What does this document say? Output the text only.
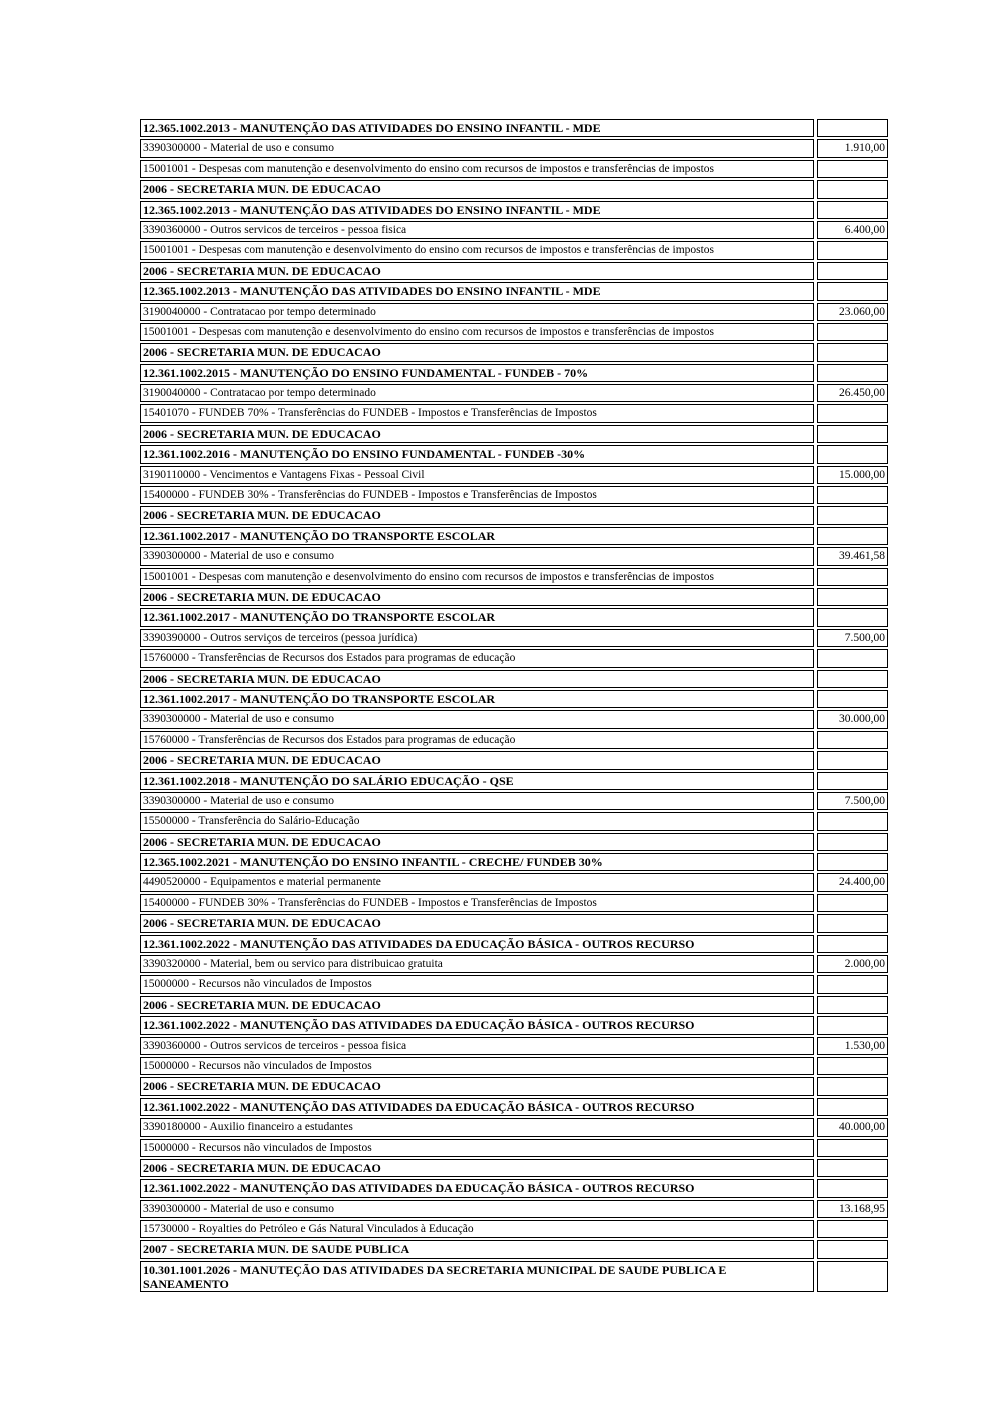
12.365.1002.2013 - MANUTENÇÃO DAS ATIVIDADES DO ENSINO INFANTIL - MDE
3390300000 - Material de uso e consumo	1.910,00
15001001 - Despesas com manutenção e desenvolvimento do ensino com recursos de impostos e transferências de impostos
2006 - SECRETARIA MUN. DE EDUCACAO
12.365.1002.2013 - MANUTENÇÃO DAS ATIVIDADES DO ENSINO INFANTIL - MDE
3390360000 - Outros servicos de terceiros - pessoa fisica	6.400,00
15001001 - Despesas com manutenção e desenvolvimento do ensino com recursos de impostos e transferências de impostos
2006 - SECRETARIA MUN. DE EDUCACAO
12.365.1002.2013 - MANUTENÇÃO DAS ATIVIDADES DO ENSINO INFANTIL - MDE
3190040000 - Contratacao por tempo determinado	23.060,00
15001001 - Despesas com manutenção e desenvolvimento do ensino com recursos de impostos e transferências de impostos
2006 - SECRETARIA MUN. DE EDUCACAO
12.361.1002.2015 - MANUTENÇÃO DO ENSINO FUNDAMENTAL - FUNDEB - 70%
3190040000 - Contratacao por tempo determinado	26.450,00
15401070 - FUNDEB 70% - Transferências do FUNDEB - Impostos e Transferências de Impostos
2006 - SECRETARIA MUN. DE EDUCACAO
12.361.1002.2016 - MANUTENÇÃO DO ENSINO FUNDAMENTAL - FUNDEB -30%
3190110000 - Vencimentos e Vantagens Fixas - Pessoal Civil	15.000,00
15400000 - FUNDEB 30% - Transferências do FUNDEB - Impostos e Transferências de Impostos
2006 - SECRETARIA MUN. DE EDUCACAO
12.361.1002.2017 - MANUTENÇÃO DO TRANSPORTE ESCOLAR
3390300000 - Material de uso e consumo	39.461,58
15001001 - Despesas com manutenção e desenvolvimento do ensino com recursos de impostos e transferências de impostos
2006 - SECRETARIA MUN. DE EDUCACAO
12.361.1002.2017 - MANUTENÇÃO DO TRANSPORTE ESCOLAR
3390390000 - Outros serviços de terceiros (pessoa jurídica)	7.500,00
15760000 - Transferências de Recursos dos Estados para programas de educação
2006 - SECRETARIA MUN. DE EDUCACAO
12.361.1002.2017 - MANUTENÇÃO DO TRANSPORTE ESCOLAR
3390300000 - Material de uso e consumo	30.000,00
15760000 - Transferências de Recursos dos Estados para programas de educação
2006 - SECRETARIA MUN. DE EDUCACAO
12.361.1002.2018 - MANUTENÇÃO DO SALÁRIO EDUCAÇÃO - QSE
3390300000 - Material de uso e consumo	7.500,00
15500000 - Transferência do Salário-Educação
2006 - SECRETARIA MUN. DE EDUCACAO
12.365.1002.2021 - MANUTENÇÃO DO ENSINO INFANTIL - CRECHE/ FUNDEB 30%
4490520000 - Equipamentos e material permanente	24.400,00
15400000 - FUNDEB 30% - Transferências do FUNDEB - Impostos e Transferências de Impostos
2006 - SECRETARIA MUN. DE EDUCACAO
12.361.1002.2022 - MANUTENÇÃO DAS ATIVIDADES DA EDUCAÇÃO BÁSICA - OUTROS RECURSO
3390320000 - Material, bem ou servico para distribuicao gratuita	2.000,00
15000000 - Recursos não vinculados de Impostos
2006 - SECRETARIA MUN. DE EDUCACAO
12.361.1002.2022 - MANUTENÇÃO DAS ATIVIDADES DA EDUCAÇÃO BÁSICA - OUTROS RECURSO
3390360000 - Outros servicos de terceiros - pessoa fisica	1.530,00
15000000 - Recursos não vinculados de Impostos
2006 - SECRETARIA MUN. DE EDUCACAO
12.361.1002.2022 - MANUTENÇÃO DAS ATIVIDADES DA EDUCAÇÃO BÁSICA - OUTROS RECURSO
3390180000 - Auxilio financeiro a estudantes	40.000,00
15000000 - Recursos não vinculados de Impostos
2006 - SECRETARIA MUN. DE EDUCACAO
12.361.1002.2022 - MANUTENÇÃO DAS ATIVIDADES DA EDUCAÇÃO BÁSICA - OUTROS RECURSO
3390300000 - Material de uso e consumo	13.168,95
15730000 - Royalties do Petróleo e Gás Natural Vinculados à Educação
2007 - SECRETARIA MUN. DE SAUDE PUBLICA
10.301.1001.2026 - MANUTEÇÃO DAS ATIVIDADES DA SECRETARIA MUNICIPAL DE SAUDE PUBLICA E SANEAMENTO
